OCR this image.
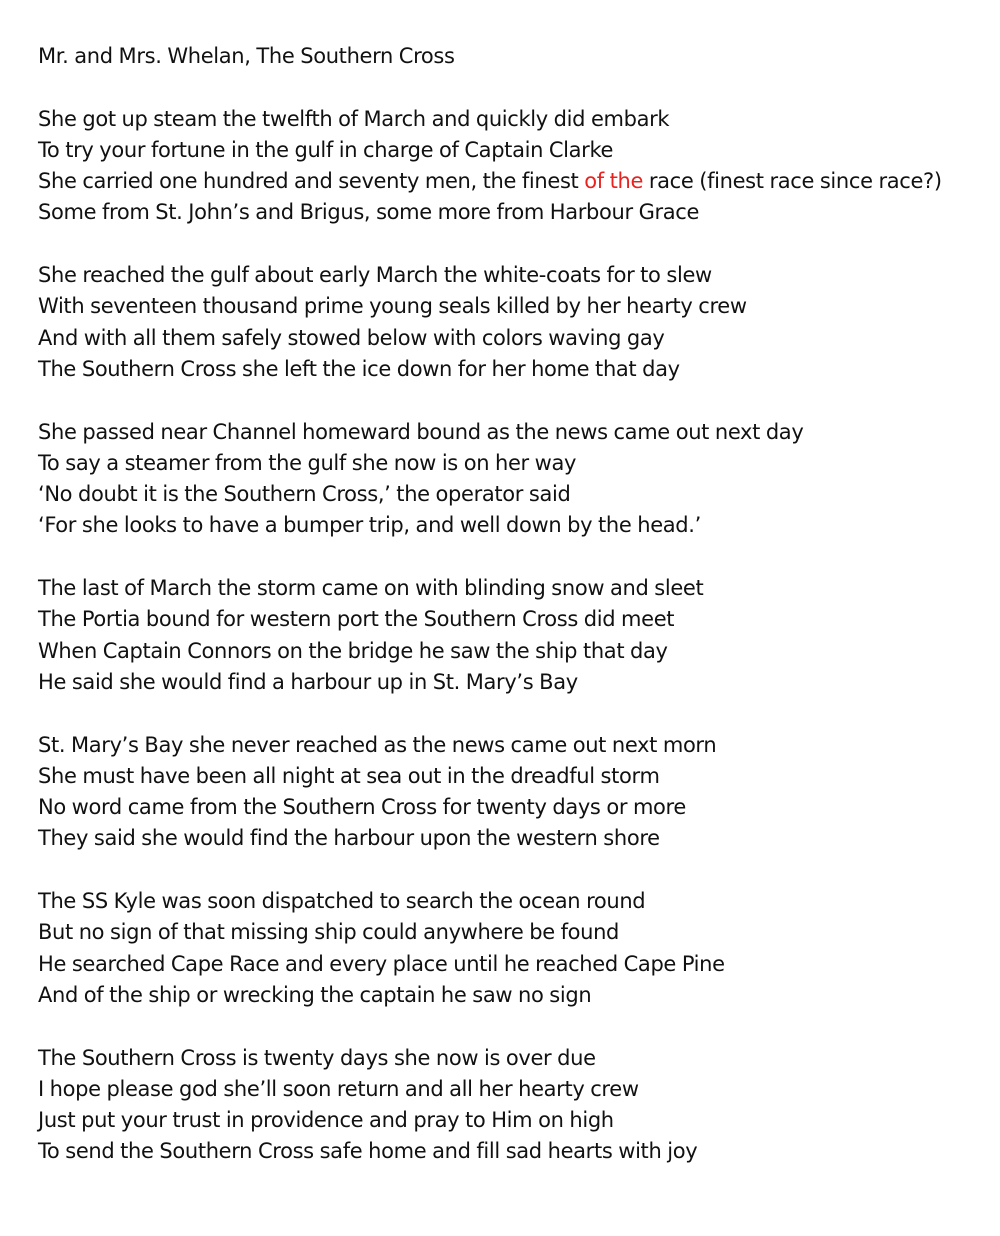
Mr. and Mrs. Whelan, The Southern Cross
She got up steam the twelfth of March and quickly did embark
To try your fortune in the gulf in charge of Captain Clarke
She carried one hundred and seventy men, the finest of the race (finest race since race?)
Some from St. John’s and Brigus, some more from Harbour Grace
She reached the gulf about early March the white-coats for to slew
With seventeen thousand prime young seals killed by her hearty crew
And with all them safely stowed below with colors waving gay
The Southern Cross she left the ice down for her home that day
She passed near Channel homeward bound as the news came out next day
To say a steamer from the gulf she now is on her way
‘No doubt it is the Southern Cross,’ the operator said
‘For she looks to have a bumper trip, and well down by the head.’
The last of March the storm came on with blinding snow and sleet
The Portia bound for western port the Southern Cross did meet
When Captain Connors on the bridge he saw the ship that day
He said she would find a harbour up in St. Mary’s Bay
St. Mary’s Bay she never reached as the news came out next morn
She must have been all night at sea out in the dreadful storm
No word came from the Southern Cross for twenty days or more
They said she would find the harbour upon the western shore
The SS Kyle was soon dispatched to search the ocean round
But no sign of that missing ship could anywhere be found
He searched Cape Race and every place until he reached Cape Pine
And of the ship or wrecking the captain he saw no sign
The Southern Cross is twenty days she now is over due
I hope please god she’ll soon return and all her hearty crew
Just put your trust in providence and pray to Him on high
To send the Southern Cross safe home and fill sad hearts with joy
